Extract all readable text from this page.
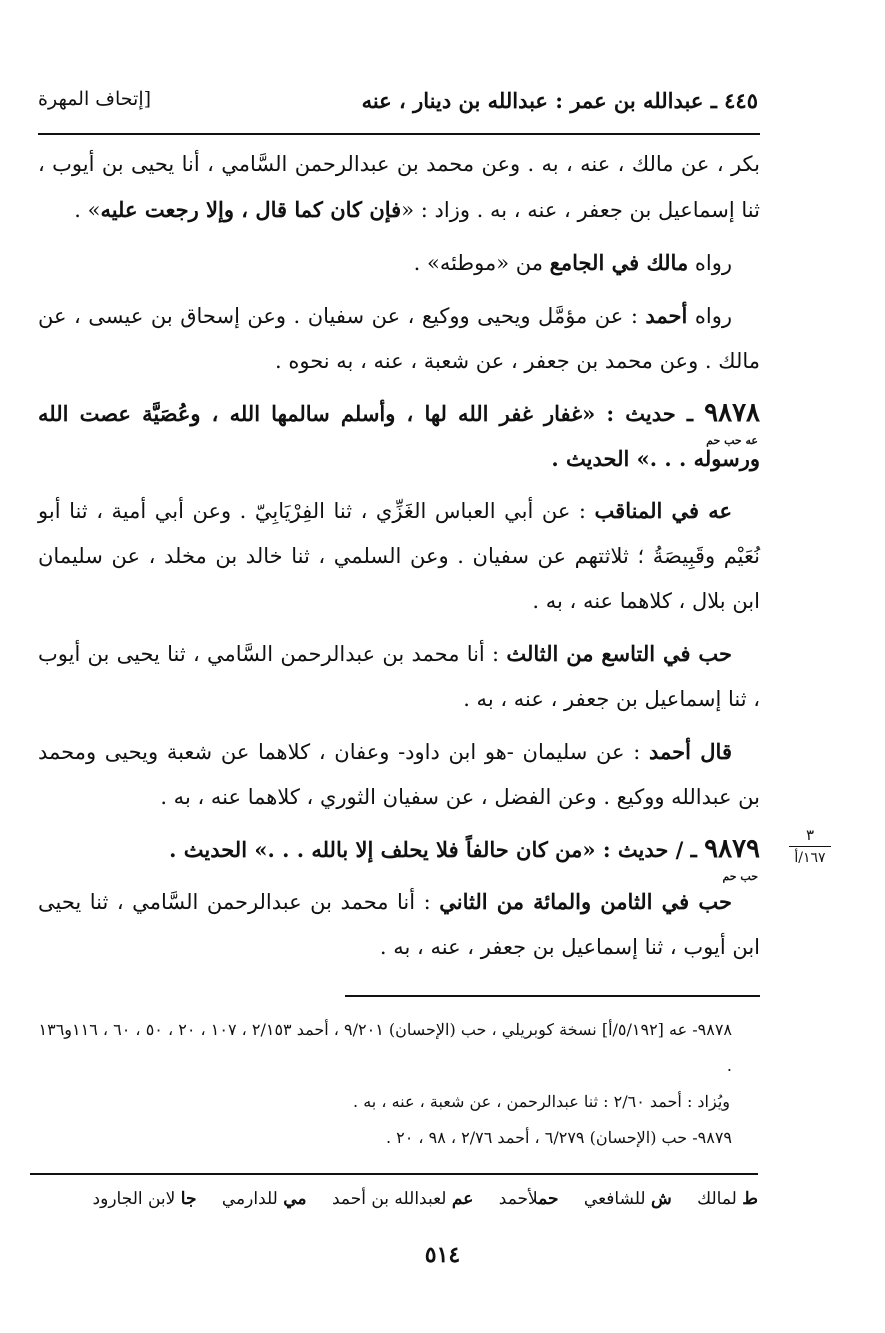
٤٤٥ ـ عبدالله بن عمر : عبدالله بن دينار ، عنه
[إتحاف المهرة

بكر ، عن مالك ، عنه ، به . وعن محمد بن عبدالرحمن السَّامي ، أنا يحيى بن أيوب ، ثنا إسماعيل بن جعفر ، عنه ، به . وزاد : «فإن كان كما قال ، وإلا رجعت عليه» .

رواه مالك في الجامع من «موطئه» .

رواه أحمد : عن مؤمَّل ويحيى ووكيع ، عن سفيان . وعن إسحاق بن عيسى ، عن مالك . وعن محمد بن جعفر ، عن شعبة ، عنه ، به نحوه .

٩٨٧٨
عه حب حم
ـ حديث : «غفار غفر الله لها ، وأسلم سالمها الله ، وعُصَيَّة عصت الله ورسوله . . .» الحديث .

عه في المناقب : عن أبي العباس الغَزِّي ، ثنا الفِرْيَابِيّ . وعن أبي أمية ، ثنا أبو نُعَيْم وقَبِيصَةُ ؛ ثلاثتهم عن سفيان . وعن السلمي ، ثنا خالد بن مخلد ، عن سليمان ابن بلال ، كلاهما عنه ، به .

حب في التاسع من الثالث : أنا محمد بن عبدالرحمن السَّامي ، ثنا يحيى بن أيوب ، ثنا إسماعيل بن جعفر ، عنه ، به .

قال أحمد : عن سليمان ‑هو ابن داود‑ وعفان ، كلاهما عن شعبة ويحيى ومحمد بن عبدالله ووكيع . وعن الفضل ، عن سفيان الثوري ، كلاهما عنه ، به .

٩٨٧٩
حب حم
ـ / حديث : «من كان حالفاً فلا يحلف إلا بالله . . .» الحديث .

حب في الثامن والمائة من الثاني : أنا محمد بن عبدالرحمن السَّامي ، ثنا يحيى ابن أيوب ، ثنا إسماعيل بن جعفر ، عنه ، به .

٣
١٦٧/أ

٩٨٧٨‑ عه [٥/١٩٢/أ] نسخة كوبريلي ، حب (الإحسان) ٩/٢٠١ ، أحمد ٢/١٥٣ ، ١٠٧ ، ٢٠ ، ٥٠ ، ٦٠ ، ١١٦و١٣٦ .

ويُزاد : أحمد ٢/٦٠ : ثنا عبدالرحمن ، عن شعبة ، عنه ، به .

٩٨٧٩‑ حب (الإحسان) ٦/٢٧٩ ، أحمد ٢/٧٦ ، ٩٨ ، ٢٠ .

ط لمالك ش للشافعي حملأحمد عم لعبدالله بن أحمد مي للدارمي جا لابن الجارود
٥١٤
